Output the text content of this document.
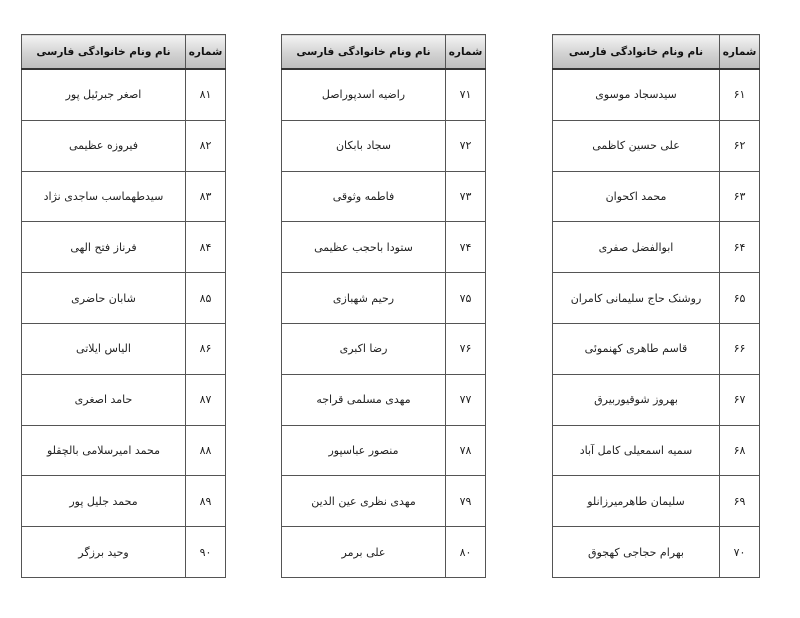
شماره	نام ونام خانوادگی فارسی
۸۱	اصغر جبرئیل پور
۸۲	فیروزه عظیمی
۸۳	سیدطهماسب ساجدی نژاد
۸۴	فرناز فتح الهی
۸۵	شابان حاضری
۸۶	الیاس ایلاتی
۸۷	حامد اصغری
۸۸	محمد امیرسلامی بالچقلو
۸۹	محمد جلیل پور
۹۰	وحید برزگر
شماره	نام ونام خانوادگی فارسی
۷۱	راضیه اسدپوراصل
۷۲	سجاد بابکان
۷۳	فاطمه وثوقی
۷۴	ستودا باحجب عظیمی
۷۵	رحیم شهبازی
۷۶	رضا اکبری
۷۷	مهدی مسلمی قراجه
۷۸	منصور عباسپور
۷۹	مهدی نظری عین الدین
۸۰	علی برمر
شماره	نام ونام خانوادگی فارسی
۶۱	سیدسجاد موسوی
۶۲	علی حسین کاظمی
۶۳	محمد اکحوان
۶۴	ابوالفضل صفری
۶۵	روشنک حاج سلیمانی کامران
۶۶	قاسم طاهری کهنموئی
۶۷	بهروز شوقیوربیرق
۶۸	سمیه اسمعیلی کامل آباد
۶۹	سلیمان طاهرمیرزانلو
۷۰	بهرام حجاجی کهجوق
